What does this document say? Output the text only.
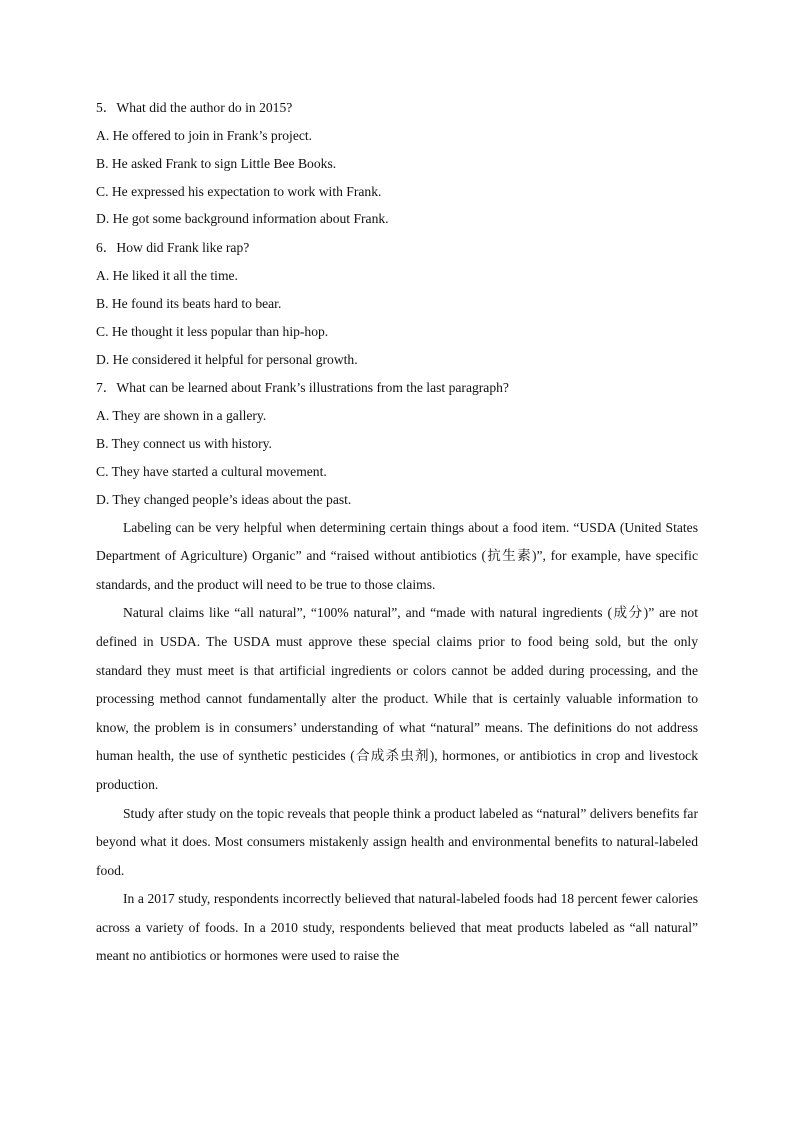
5．What did the author do in 2015?

A. He offered to join in Frank’s project.

B. He asked Frank to sign Little Bee Books.

C. He expressed his expectation to work with Frank.

D. He got some background information about Frank.

6．How did Frank like rap?

A. He liked it all the time.

B. He found its beats hard to bear.

C. He thought it less popular than hip-hop.

D. He considered it helpful for personal growth.

7．What can be learned about Frank’s illustrations from the last paragraph?

A. They are shown in a gallery.

B. They connect us with history.

C. They have started a cultural movement.

D. They changed people’s ideas about the past.

Labeling can be very helpful when determining certain things about a food item. “USDA (United States Department of Agriculture) Organic” and “raised without antibiotics (抗生素)”, for example, have specific standards, and the product will need to be true to those claims.

Natural claims like “all natural”, “100% natural”, and “made with natural ingredients (成分)” are not defined in USDA. The USDA must approve these special claims prior to food being sold, but the only standard they must meet is that artificial ingredients or colors cannot be added during processing, and the processing method cannot fundamentally alter the product. While that is certainly valuable information to know, the problem is in consumers’ understanding of what “natural” means. The definitions do not address human health, the use of synthetic pesticides (合成杀虫剂), hormones, or antibiotics in crop and livestock production.

Study after study on the topic reveals that people think a product labeled as “natural” delivers benefits far beyond what it does. Most consumers mistakenly assign health and environmental benefits to natural-labeled food.

In a 2017 study, respondents incorrectly believed that natural-labeled foods had 18 percent fewer calories across a variety of foods. In a 2010 study, respondents believed that meat products labeled as “all natural” meant no antibiotics or hormones were used to raise the
